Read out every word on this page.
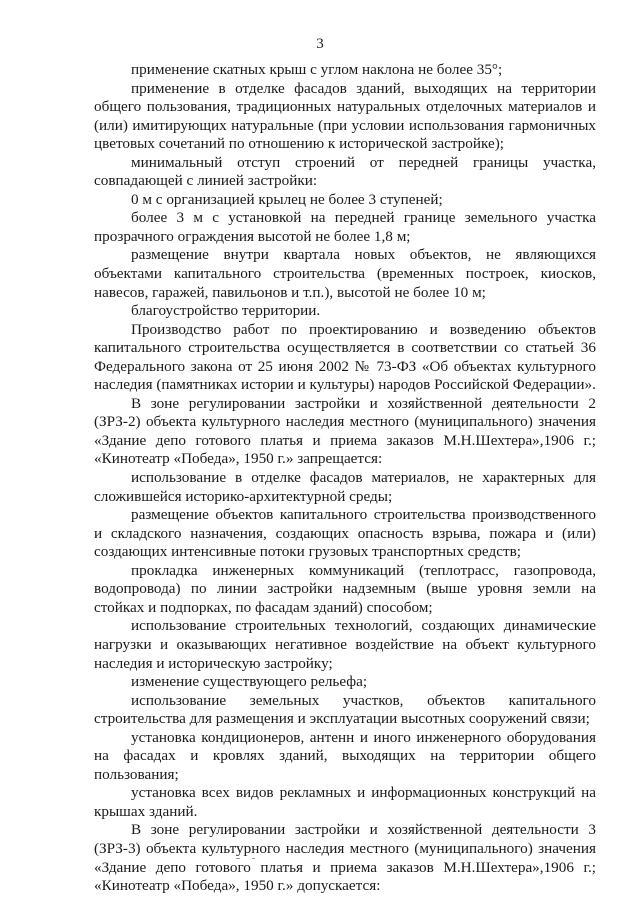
3

применение скатных крыш с углом наклона не более 35°;

применение в отделке фасадов зданий, выходящих на территории общего пользования, традиционных натуральных отделочных материалов и (или) имитирующих натуральные (при условии использования гармоничных цветовых сочетаний по отношению к исторической застройке);

минимальный отступ строений от передней границы участка, совпадающей с линией застройки:

0 м с организацией крылец не более 3 ступеней;

более 3 м с установкой на передней границе земельного участка прозрачного ограждения высотой не более 1,8 м;

размещение внутри квартала новых объектов, не являющихся объектами капитального строительства (временных построек, киосков, навесов, гаражей, павильонов и т.п.), высотой не более 10 м;

благоустройство территории.

Производство работ по проектированию и возведению объектов капитального строительства осуществляется в соответствии со статьей 36 Федерального закона от 25 июня 2002 № 73-ФЗ «Об объектах культурного наследия (памятниках истории и культуры) народов Российской Федерации».

В зоне регулировании застройки и хозяйственной деятельности 2 (ЗРЗ-2) объекта культурного наследия местного (муниципального) значения «Здание депо готового платья и приема заказов М.Н.Шехтера»,1906 г.; «Кинотеатр «Победа», 1950 г.» запрещается:

использование в отделке фасадов материалов, не характерных для сложившейся историко-архитектурной среды;

размещение объектов капитального строительства производственного и складского назначения, создающих опасность взрыва, пожара и (или) создающих интенсивные потоки грузовых транспортных средств;

прокладка инженерных коммуникаций (теплотрасс, газопровода, водопровода) по линии застройки надземным (выше уровня земли на стойках и подпорках, по фасадам зданий) способом;

использование строительных технологий, создающих динамические нагрузки и оказывающих негативное воздействие на объект культурного наследия и историческую застройку;

изменение существующего рельефа;

использование земельных участков, объектов капитального строительства для размещения и эксплуатации высотных сооружений связи;

установка кондиционеров, антенн и иного инженерного оборудования на фасадах и кровлях зданий, выходящих на территории общего пользования;

установка всех видов рекламных и информационных конструкций на крышах зданий.

В зоне регулировании застройки и хозяйственной деятельности 3 (ЗРЗ-3) объекта культурного наследия местного (муниципального) значения «Здание депо готового платья и приема заказов М.Н.Шехтера»,1906 г.; «Кинотеатр «Победа», 1950 г.» допускается:
